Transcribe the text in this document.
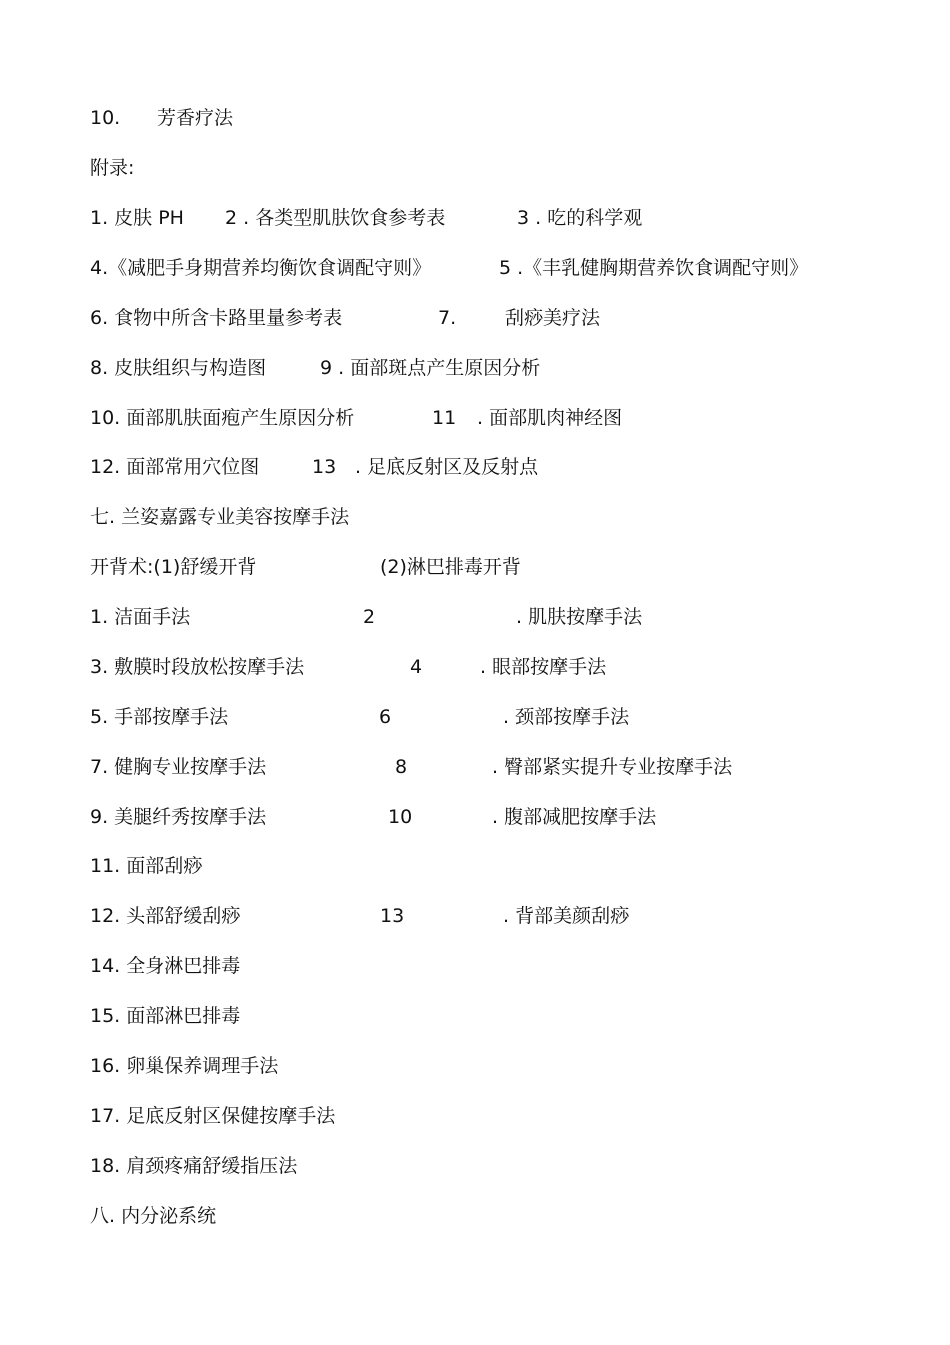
10. 芳香疗法
附录:
1. 皮肤 PH 2 . 各类型肌肤饮食参考表	3 . 吃的科学观
4.《减肥手身期营养均衡饮食调配守则》	5 .《丰乳健胸期营养饮食调配守则》
6. 食物中所含卡路里量参考表	7.	刮痧美疗法
8. 皮肤组织与构造图	9 . 面部斑点产生原因分析
10. 面部肌肤面疱产生原因分析	11 . 面部肌肉神经图
12. 面部常用穴位图	13 . 足底反射区及反射点
七. 兰姿嘉露专业美容按摩手法
开背术:(1)舒缓开背	(2)淋巴排毒开背
1. 洁面手法	2	. 肌肤按摩手法
3. 敷膜时段放松按摩手法	4	. 眼部按摩手法
5. 手部按摩手法	6	. 颈部按摩手法
7. 健胸专业按摩手法	8	. 臀部紧实提升专业按摩手法
9. 美腿纤秀按摩手法	10	. 腹部减肥按摩手法
11. 面部刮痧
12. 头部舒缓刮痧	13	. 背部美颜刮痧
14. 全身淋巴排毒
15. 面部淋巴排毒
16. 卵巢保养调理手法
17. 足底反射区保健按摩手法
18. 肩颈疼痛舒缓指压法
八. 内分泌系统
